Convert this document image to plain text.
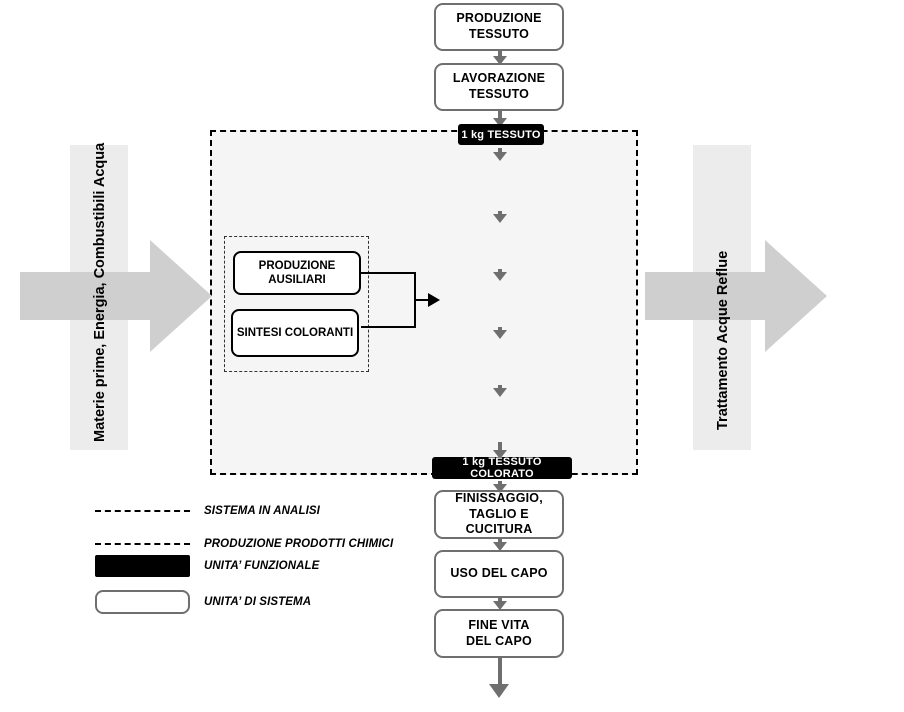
Materie prime, Energia, Combustibili Acqua	Trattamento Acque Reflue
PRODUZIONE
TESSUTO
LAVORAZIONE
TESSUTO
1 kg TESSUTO
1 kg TESSUTO COLORATO
FINISSAGGIO,
TAGLIO E CUCITURA
USO DEL CAPO
FINE VITA
DEL CAPO
PRODUZIONE AUSILIARI
SINTESI COLORANTI
SISTEMA IN ANALISI
PRODUZIONE PRODOTTI CHIMICI
UNITA’ FUNZIONALE
UNITA’ DI SISTEMA
